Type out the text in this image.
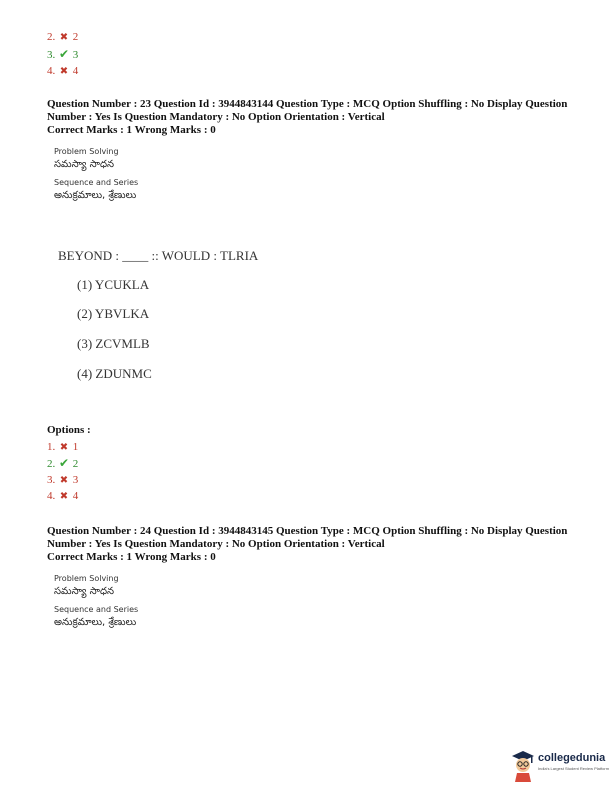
2. ✖ 2
3. ✔ 3
4. ✖ 4
Question Number : 23 Question Id : 3944843144 Question Type : MCQ Option Shuffling : No Display Question
Number : Yes Is Question Mandatory : No Option Orientation : Vertical
Correct Marks : 1 Wrong Marks : 0
Problem Solving
సమస్యా సాధన
Sequence and Series
అనుక్రమాలు, శ్రేణులు
BEYOND : ____ :: WOULD : TLRIA
(1) YCUKLA
(2) YBVLKA
(3) ZCVMLB
(4) ZDUNMC
Options :
1. ✖ 1
2. ✔ 2
3. ✖ 3
4. ✖ 4
Question Number : 24 Question Id : 3944843145 Question Type : MCQ Option Shuffling : No Display Question
Number : Yes Is Question Mandatory : No Option Orientation : Vertical
Correct Marks : 1 Wrong Marks : 0
Problem Solving
సమస్యా సాధన
Sequence and Series
అనుక్రమాలు, శ్రేణులు
collegedunia
India's Largest Student Review Platform
